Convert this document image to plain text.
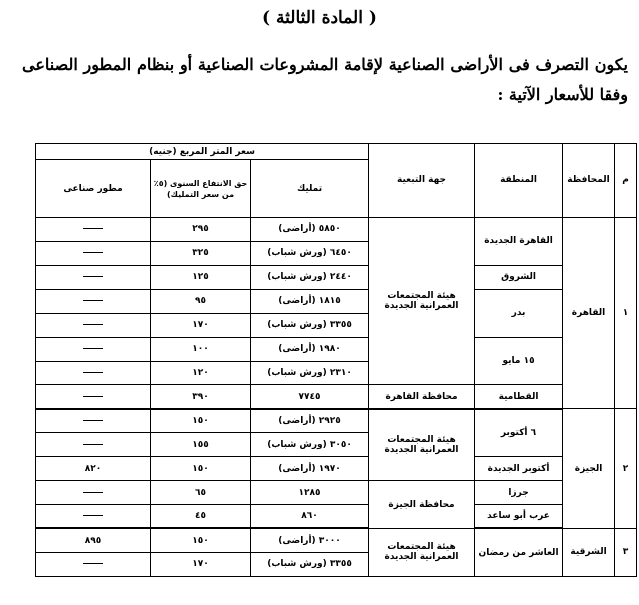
( المادة الثالثة )
يكون التصرف فى الأراضى الصناعية لإقامة المشروعات الصناعية أو بنظام المطور الصناعى وفقا للأسعار الآتية :
م	المحافظة	المنطقة	جهة التبعية	سعر المتر المربع (جنيه)		
				تمليك	حق الانتفاع السنوى (٥٪ من سعر التمليك)	مطور صناعى
١	القاهرة	القاهرة الجديدة	هيئة المجتمعات العمرانية الجديدة	٥٨٥٠ (أراضى)	٢٩٥	
				٦٤٥٠ (ورش شباب)	٣٢٥	
		الشروق		٢٤٤٠ (ورش شباب)	١٢٥	
		بدر		١٨١٥ (أراضى)	٩٥	
				٣٣٥٥ (ورش شباب)	١٧٠	
		١٥ مايو		١٩٨٠ (أراضى)	١٠٠	
				٢٣١٠ (ورش شباب)	١٢٠	
		القطامية	محافظة القاهرة	٧٧٤٥	٣٩٠	
٢	الجيزة	٦ أكتوبر	هيئة المجتمعات العمرانية الجديدة	٢٩٢٥ (أراضى)	١٥٠	
				٣٠٥٠ (ورش شباب)	١٥٥	
		أكتوبر الجديدة		١٩٧٠ (أراضى)	١٥٠	٨٢٠
		جرزا	محافظة الجيزة	١٢٨٥	٦٥	
		عرب أبو ساعد		٨٦٠	٤٥	
٣	الشرقية	العاشر من رمضان	هيئة المجتمعات العمرانية الجديدة	٣٠٠٠ (أراضى)	١٥٠	٨٩٥
				٣٣٥٥ (ورش شباب)	١٧٠	
